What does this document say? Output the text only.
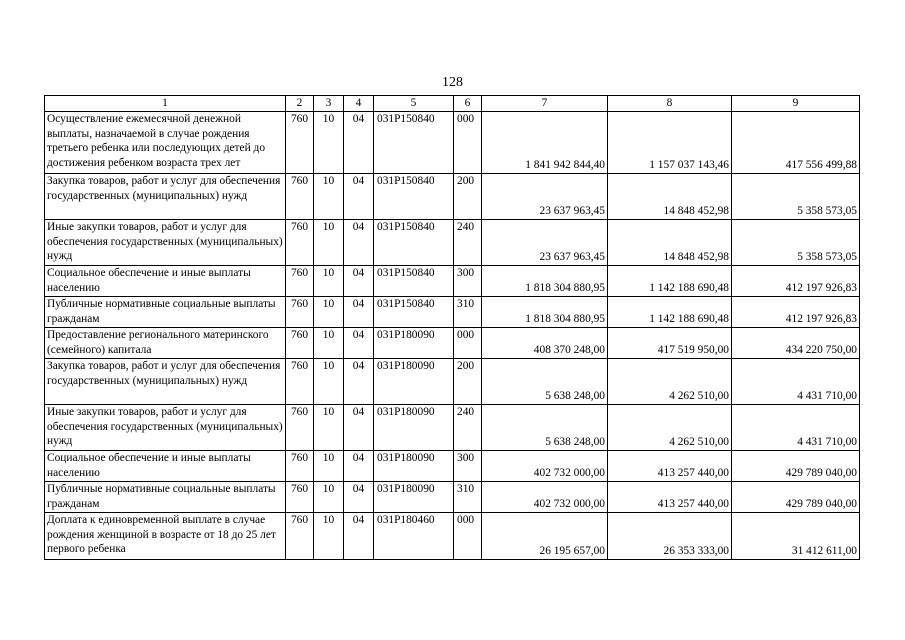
128
1	2	3	4	5	6	7	8	9
Осуществление ежемесячной денежной выплаты, назначаемой в случае рождения третьего ребенка или последующих детей до достижения ребенком возраста трех лет	760	10	04	031P150840	000	1 841 942 844,40	1 157 037 143,46	417 556 499,88
Закупка товаров, работ и услуг для обеспечения государственных (муниципальных) нужд	760	10	04	031P150840	200	23 637 963,45	14 848 452,98	5 358 573,05
Иные закупки товаров, работ и услуг для обеспечения государственных (муниципальных) нужд	760	10	04	031P150840	240	23 637 963,45	14 848 452,98	5 358 573,05
Социальное обеспечение и иные выплаты населению	760	10	04	031P150840	300	1 818 304 880,95	1 142 188 690,48	412 197 926,83
Публичные нормативные социальные выплаты гражданам	760	10	04	031P150840	310	1 818 304 880,95	1 142 188 690,48	412 197 926,83
Предоставление регионального материнского (семейного) капитала	760	10	04	031P180090	000	408 370 248,00	417 519 950,00	434 220 750,00
Закупка товаров, работ и услуг для обеспечения государственных (муниципальных) нужд	760	10	04	031P180090	200	5 638 248,00	4 262 510,00	4 431 710,00
Иные закупки товаров, работ и услуг для обеспечения государственных (муниципальных) нужд	760	10	04	031P180090	240	5 638 248,00	4 262 510,00	4 431 710,00
Социальное обеспечение и иные выплаты населению	760	10	04	031P180090	300	402 732 000,00	413 257 440,00	429 789 040,00
Публичные нормативные социальные выплаты гражданам	760	10	04	031P180090	310	402 732 000,00	413 257 440,00	429 789 040,00
Доплата к единовременной выплате в случае рождения женщиной в возрасте от 18 до 25 лет первого ребенка	760	10	04	031P180460	000	26 195 657,00	26 353 333,00	31 412 611,00
